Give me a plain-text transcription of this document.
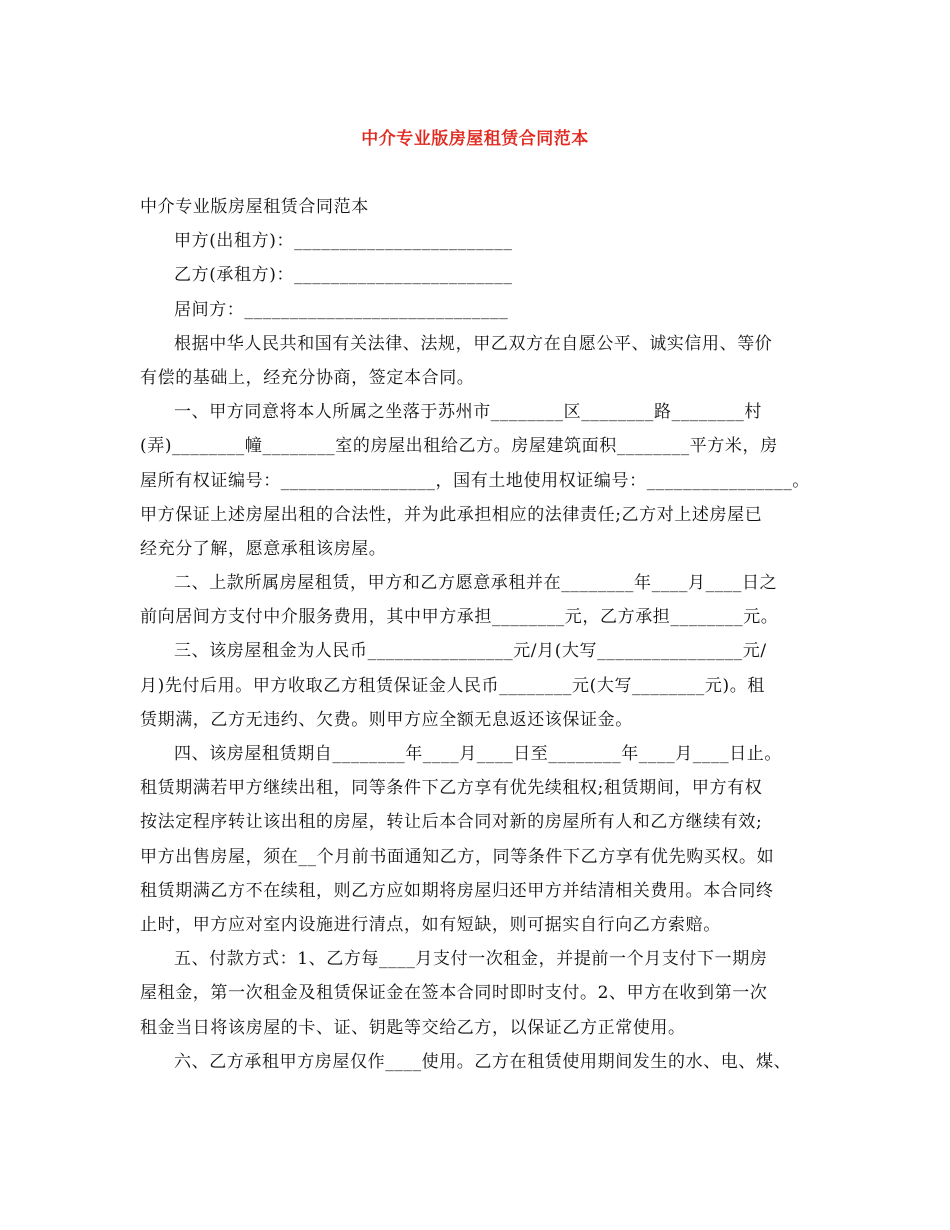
中介专业版房屋租赁合同范本
中介专业版房屋租赁合同范本
甲方(出租方)：________________________
乙方(承租方)：________________________
居间方：_____________________________
根据中华人民共和国有关法律、法规，甲乙双方在自愿公平、诚实信用、等价
有偿的基础上，经充分协商，签定本合同。
一、甲方同意将本人所属之坐落于苏州市________区________路________村
(弄)________幢________室的房屋出租给乙方。房屋建筑面积________平方米，房
屋所有权证编号：_________________，国有土地使用权证编号：________________。
甲方保证上述房屋出租的合法性，并为此承担相应的法律责任;乙方对上述房屋已
经充分了解，愿意承租该房屋。
二、上款所属房屋租赁，甲方和乙方愿意承租并在________年____月____日之
前向居间方支付中介服务费用，其中甲方承担________元，乙方承担________元。
三、该房屋租金为人民币________________元/月(大写________________元/
月)先付后用。甲方收取乙方租赁保证金人民币________元(大写________元)。租
赁期满，乙方无违约、欠费。则甲方应全额无息返还该保证金。
四、该房屋租赁期自________年____月____日至________年____月____日止。
租赁期满若甲方继续出租，同等条件下乙方享有优先续租权;租赁期间，甲方有权
按法定程序转让该出租的房屋，转让后本合同对新的房屋所有人和乙方继续有效;
甲方出售房屋，须在__个月前书面通知乙方，同等条件下乙方享有优先购买权。如
租赁期满乙方不在续租，则乙方应如期将房屋归还甲方并结清相关费用。本合同终
止时，甲方应对室内设施进行清点，如有短缺，则可据实自行向乙方索赔。
五、付款方式：1、乙方每____月支付一次租金，并提前一个月支付下一期房
屋租金，第一次租金及租赁保证金在签本合同时即时支付。2、甲方在收到第一次
租金当日将该房屋的卡、证、钥匙等交给乙方，以保证乙方正常使用。
六、乙方承租甲方房屋仅作____使用。乙方在租赁使用期间发生的水、电、煤、
